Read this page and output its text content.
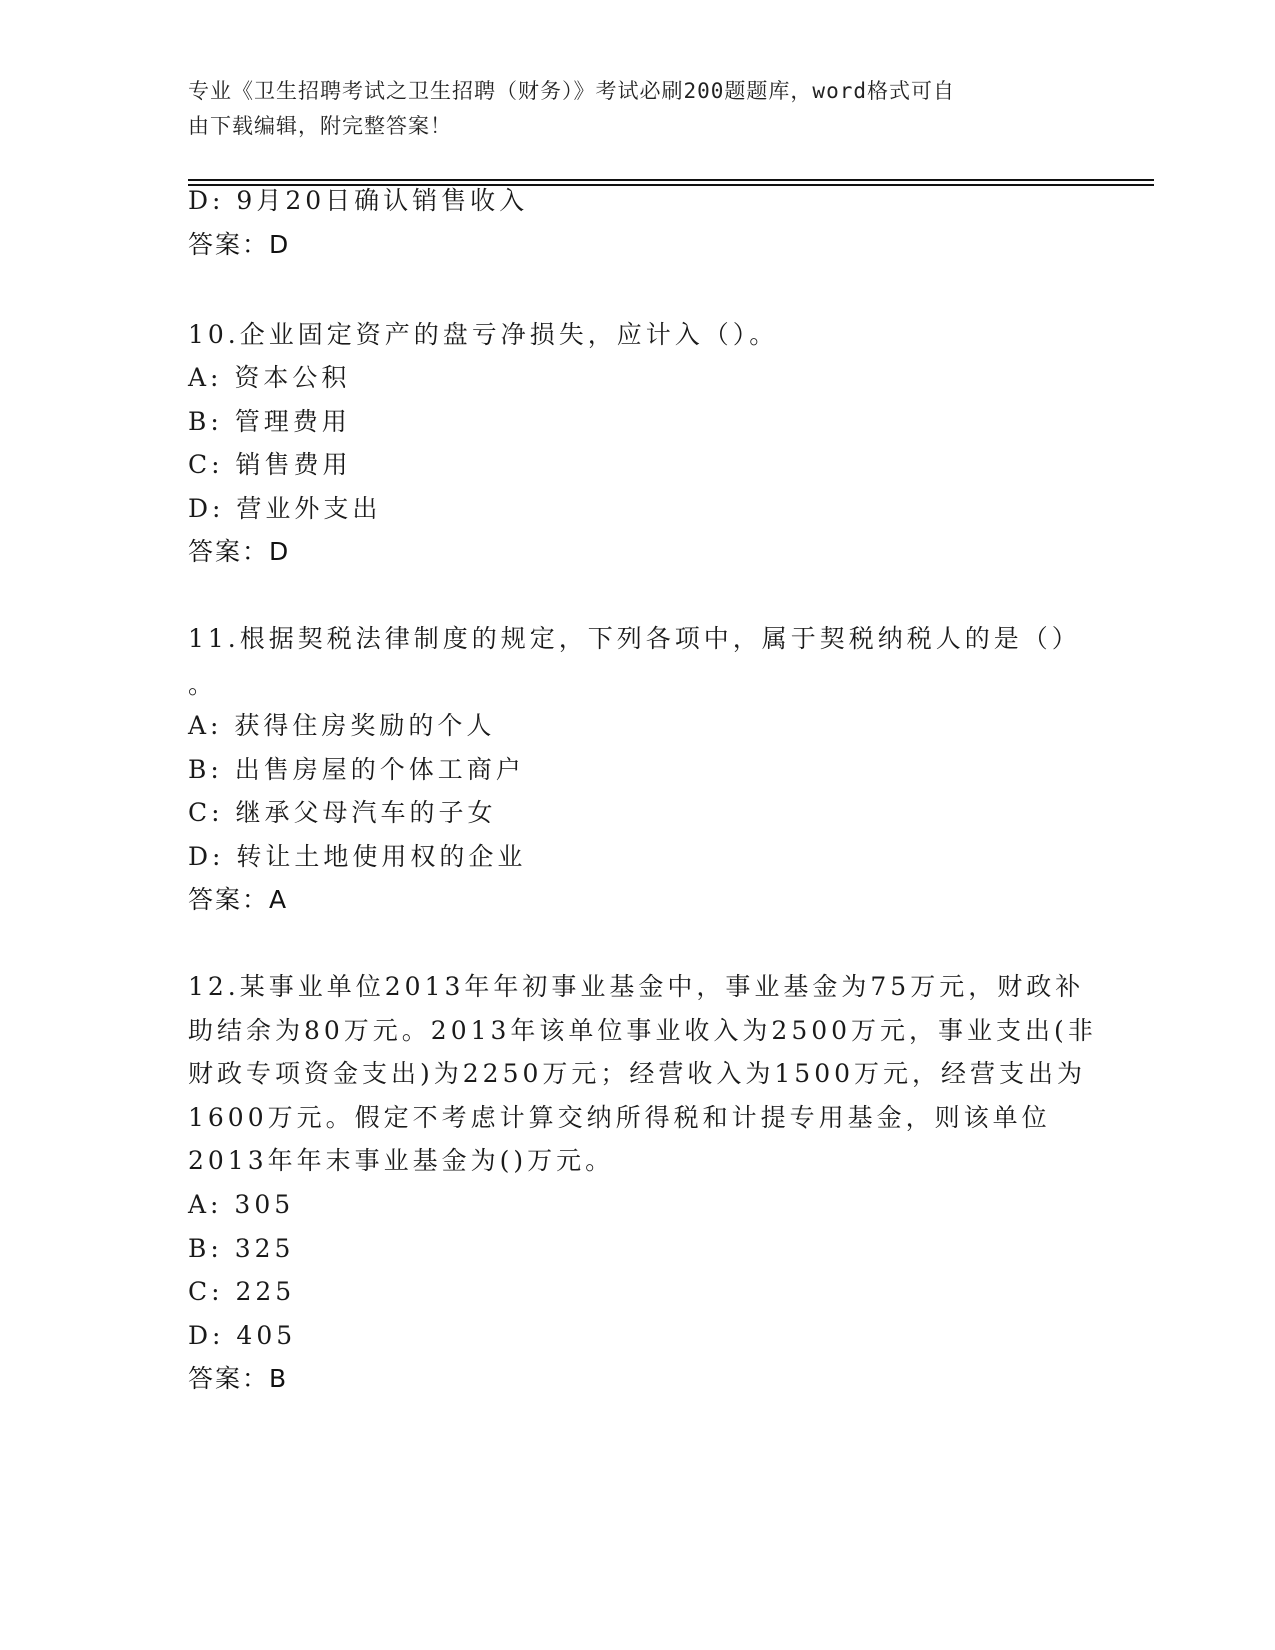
专业《卫生招聘考试之卫生招聘（财务）》考试必刷200题题库，word格式可自
由下载编辑，附完整答案！
D: 9月20日确认销售收入
答案：D
10.企业固定资产的盘亏净损失，应计入（）。
A: 资本公积
B: 管理费用
C: 销售费用
D: 营业外支出
答案：D
11.根据契税法律制度的规定，下列各项中，属于契税纳税人的是（）
。
A: 获得住房奖励的个人
B: 出售房屋的个体工商户
C: 继承父母汽车的子女
D: 转让土地使用权的企业
答案：A
12.某事业单位2013年年初事业基金中，事业基金为75万元，财政补
助结余为80万元。2013年该单位事业收入为2500万元，事业支出(非
财政专项资金支出)为2250万元；经营收入为1500万元，经营支出为
1600万元。假定不考虑计算交纳所得税和计提专用基金，则该单位
2013年年末事业基金为()万元。
A: 305
B: 325
C: 225
D: 405
答案：B
